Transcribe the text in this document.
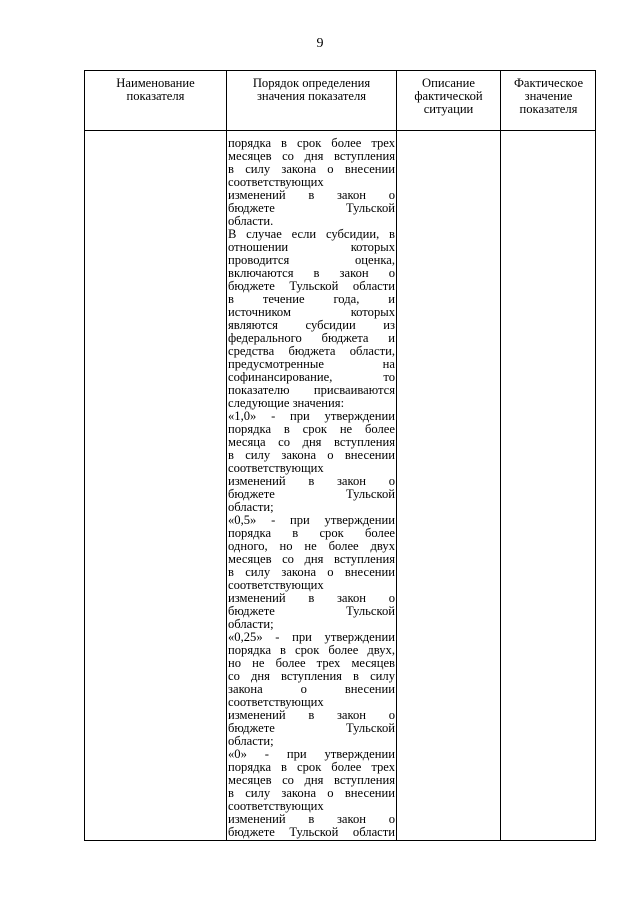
9
Наименование
показателя
Порядок определения
значения показателя
Описание
фактической
ситуации
Фактическое
значение
показателя
порядка в срок более трех
месяцев со дня вступления
в силу закона о внесении
соответствующих
изменений в закон о
бюджете Тульской
области.
В случае если субсидии, в
отношении которых
проводится оценка,
включаются в закон о
бюджете Тульской области
в течение года, и
источником которых
являются субсидии из
федерального бюджета и
средства бюджета области,
предусмотренные на
софинансирование, то
показателю присваиваются
следующие значения:
«1,0» - при утверждении
порядка в срок не более
месяца со дня вступления
в силу закона о внесении
соответствующих
изменений в закон о
бюджете Тульской
области;
«0,5» - при утверждении
порядка в срок более
одного, но не более двух
месяцев со дня вступления
в силу закона о внесении
соответствующих
изменений в закон о
бюджете Тульской
области;
«0,25» - при утверждении
порядка в срок более двух,
но не более трех месяцев
со дня вступления в силу
закона о внесении
соответствующих
изменений в закон о
бюджете Тульской
области;
«0» - при утверждении
порядка в срок более трех
месяцев со дня вступления
в силу закона о внесении
соответствующих
изменений в закон о
бюджете Тульской области
